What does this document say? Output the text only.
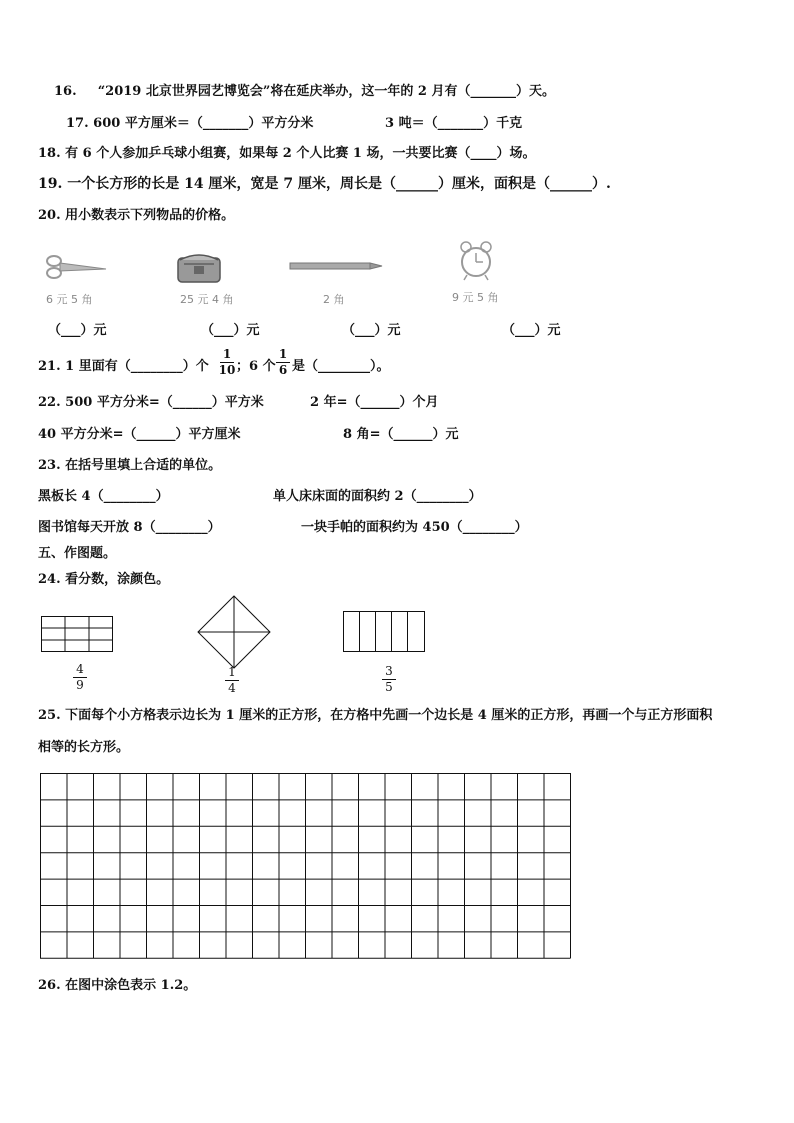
16. “2019 北京世界园艺博览会”将在延庆举办，这一年的 2 月有（_______）天。
17. 600 平方厘米＝（_______）平方分米	3 吨＝（_______）千克
18. 有 6 个人参加乒乓球小组赛，如果每 2 个人比赛 1 场，一共要比赛（____）场。
19. 一个长方形的长是 14 厘米，宽是 7 厘米，周长是（______）厘米，面积是（______）.
20. 用小数表示下列物品的价格。
6 元 5 角	25 元 4 角	2 角	9 元 5 角
（___）元	（___）元	（___）元	（___）元
21. 1 里面有（________）个
1
10 ；6 个
1
6 是（________）。
22. 500 平方分米=（______）平方米	2 年=（______）个月
40 平方分米=（______）平方厘米	8 角=（______）元
23. 在括号里填上合适的单位。
黑板长 4（________）	单人床床面的面积约 2（________）
图书馆每天开放 8（________）	一块手帕的面积约为 450（________）
五、作图题。
24. 看分数，涂颜色。
4
9
1
4
3
5
25. 下面每个小方格表示边长为 1 厘米的正方形，在方格中先画一个边长是 4 厘米的正方形，再画一个与正方形面积
相等的长方形。
26. 在图中涂色表示 1.2。
